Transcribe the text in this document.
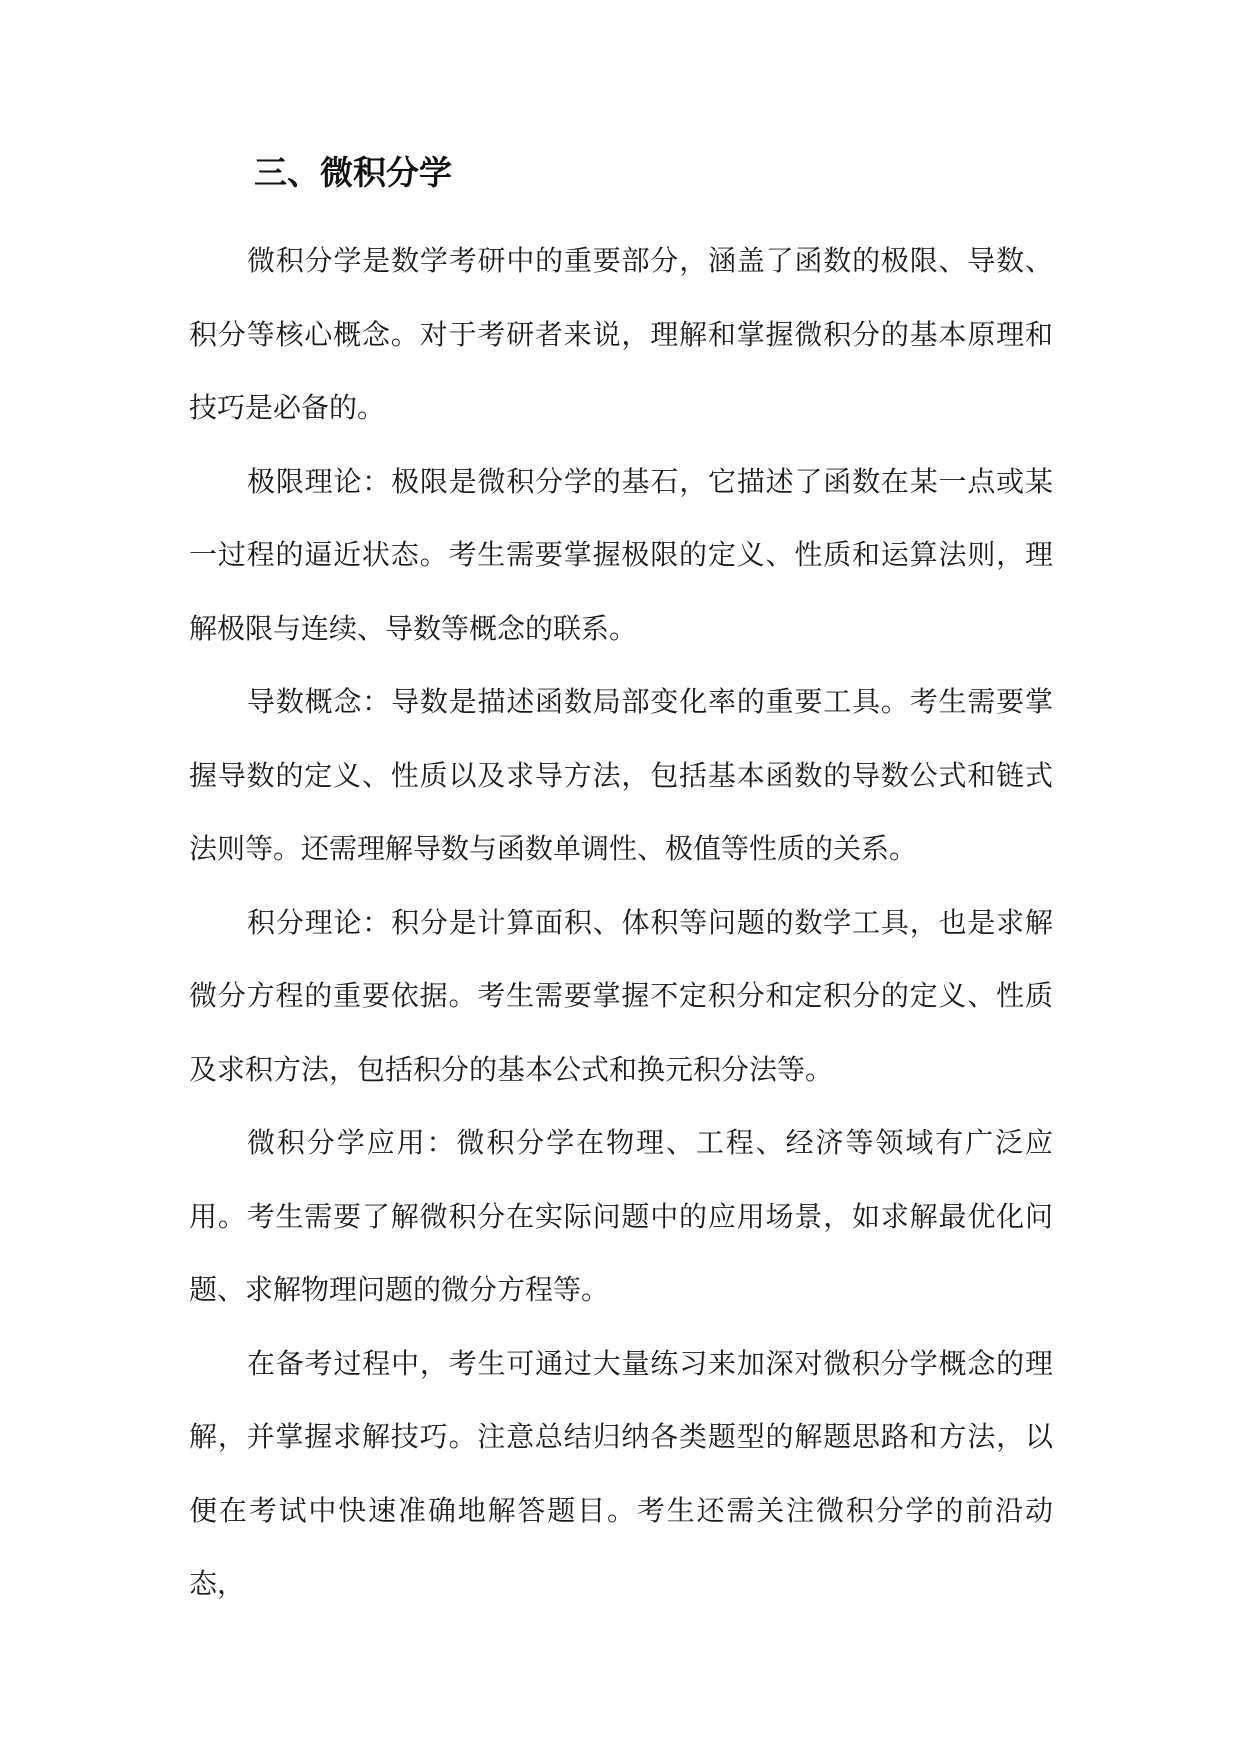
三、微积分学

微积分学是数学考研中的重要部分，涵盖了函数的极限、导数、积分等核心概念。对于考研者来说，理解和掌握微积分的基本原理和技巧是必备的。

极限理论：极限是微积分学的基石，它描述了函数在某一点或某一过程的逼近状态。考生需要掌握极限的定义、性质和运算法则，理解极限与连续、导数等概念的联系。

导数概念：导数是描述函数局部变化率的重要工具。考生需要掌握导数的定义、性质以及求导方法，包括基本函数的导数公式和链式法则等。还需理解导数与函数单调性、极值等性质的关系。

积分理论：积分是计算面积、体积等问题的数学工具，也是求解微分方程的重要依据。考生需要掌握不定积分和定积分的定义、性质及求积方法，包括积分的基本公式和换元积分法等。

微积分学应用：微积分学在物理、工程、经济等领域有广泛应用。考生需要了解微积分在实际问题中的应用场景，如求解最优化问题、求解物理问题的微分方程等。

在备考过程中，考生可通过大量练习来加深对微积分学概念的理解，并掌握求解技巧。注意总结归纳各类题型的解题思路和方法，以便在考试中快速准确地解答题目。考生还需关注微积分学的前沿动态，
